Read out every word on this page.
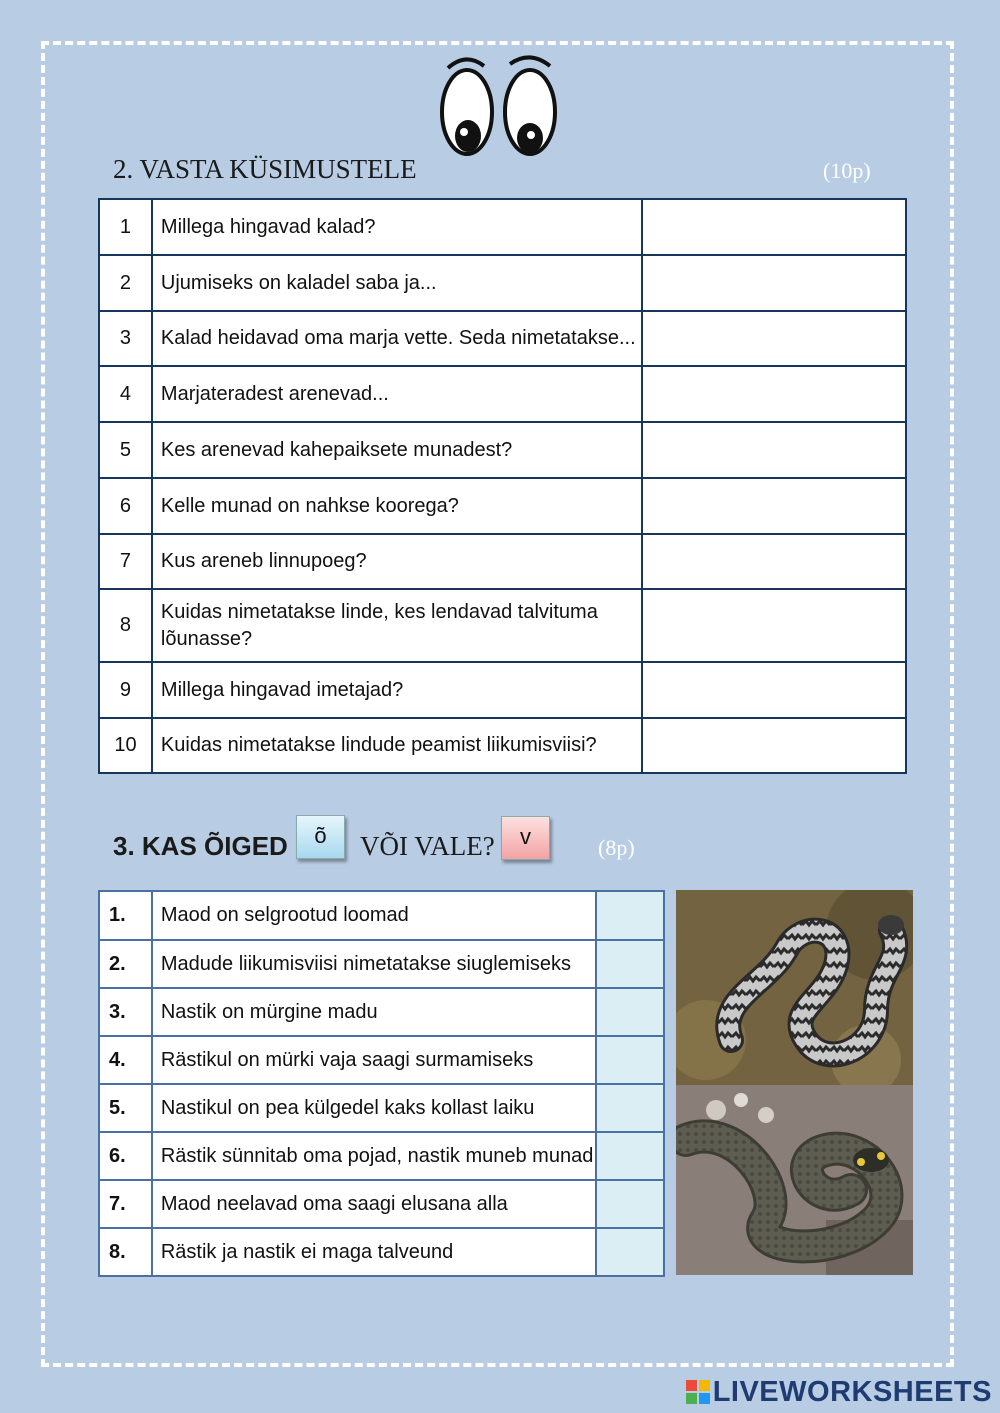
2. VASTA KÜSIMUSTELE	(10p)
1	Millega hingavad kalad?	
2	Ujumiseks on kaladel saba ja...	
3	Kalad heidavad oma marja vette. Seda nimetatakse...	
4	Marjateradest arenevad...	
5	Kes arenevad kahepaiksete munadest?	
6	Kelle munad on nahkse koorega?	
7	Kus areneb linnupoeg?	
8	Kuidas nimetatakse linde, kes lendavad talvituma lõunasse?	
9	Millega hingavad imetajad?	
10	Kuidas nimetatakse lindude peamist liikumisviisi?	
3. KAS ÕIGED	õ	VÕI VALE?	v	(8p)
1.	Maod on selgrootud loomad	
2.	Madude liikumisviisi nimetatakse siuglemiseks	
3.	Nastik on mürgine madu	
4.	Rästikul on mürki vaja saagi surmamiseks	
5.	Nastikul on pea külgedel kaks kollast laiku	
6.	Rästik sünnitab oma pojad, nastik muneb munad	
7.	Maod neelavad oma saagi elusana alla	
8.	Rästik ja nastik ei maga talveund	
LIVEWORKSHEETS
